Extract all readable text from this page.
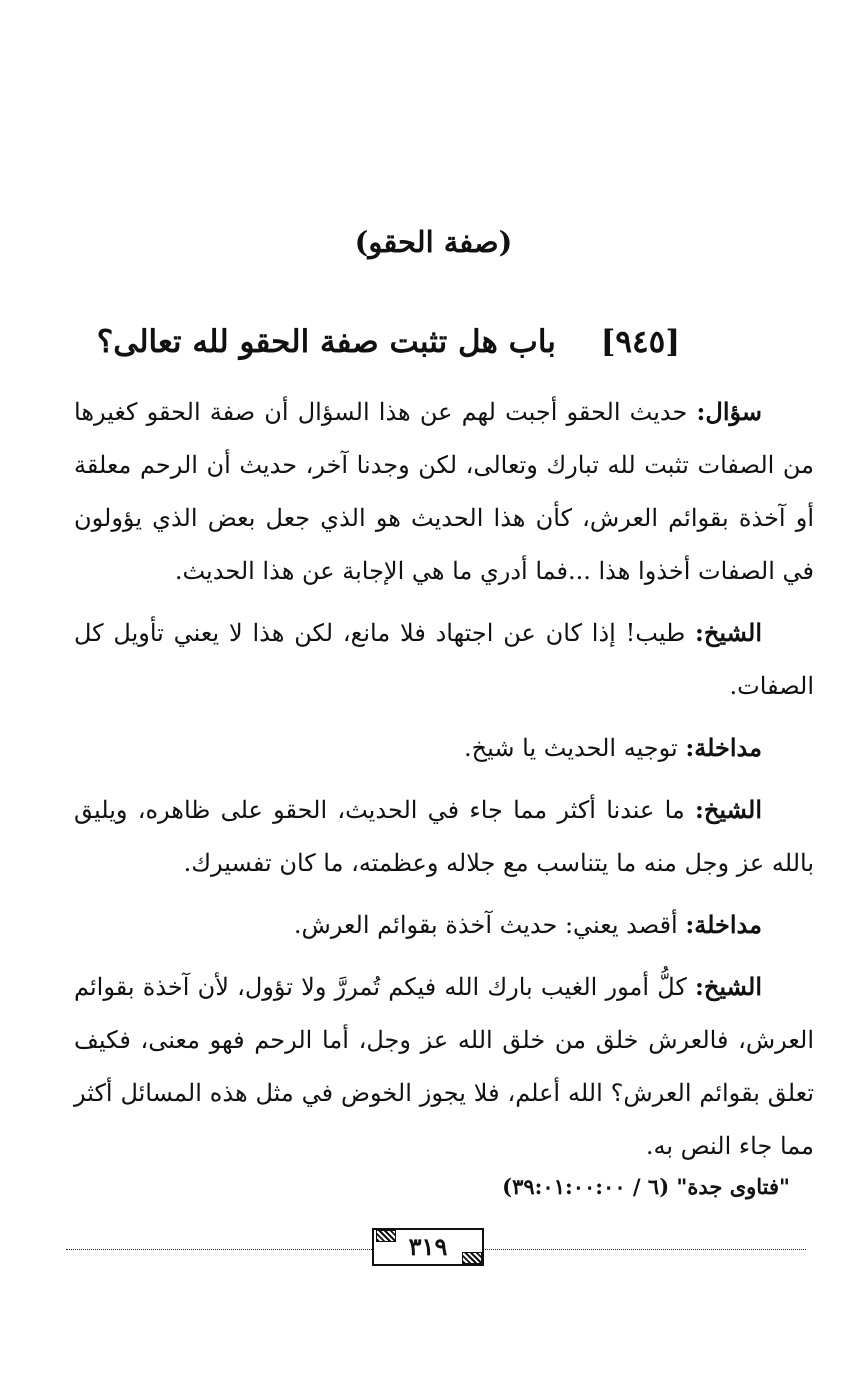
(صفة الحقو)
[٩٤٥] باب هل تثبت صفة الحقو لله تعالى؟

سؤال: حديث الحقو أجبت لهم عن هذا السؤال أن صفة الحقو كغيرها من الصفات تثبت لله تبارك وتعالى، لكن وجدنا آخر، حديث أن الرحم معلقة أو آخذة بقوائم العرش، كأن هذا الحديث هو الذي جعل بعض الذي يؤولون في الصفات أخذوا هذا ...فما أدري ما هي الإجابة عن هذا الحديث.

الشيخ: طيب! إذا كان عن اجتهاد فلا مانع، لكن هذا لا يعني تأويل كل الصفات.

مداخلة: توجيه الحديث يا شيخ.

الشيخ: ما عندنا أكثر مما جاء في الحديث، الحقو على ظاهره، ويليق بالله عز وجل منه ما يتناسب مع جلاله وعظمته، ما كان تفسيرك.

مداخلة: أقصد يعني: حديث آخذة بقوائم العرش.

الشيخ: كلُّ أمور الغيب بارك الله فيكم تُمررَّ ولا تؤول، لأن آخذة بقوائم العرش، فالعرش خلق من خلق الله عز وجل، أما الرحم فهو معنى، فكيف تعلق بقوائم العرش؟ الله أعلم، فلا يجوز الخوض في مثل هذه المسائل أكثر مما جاء النص به.

"فتاوى جدة" (٦ / ٣٩:٠١:٠٠:٠٠)
٣١٩
